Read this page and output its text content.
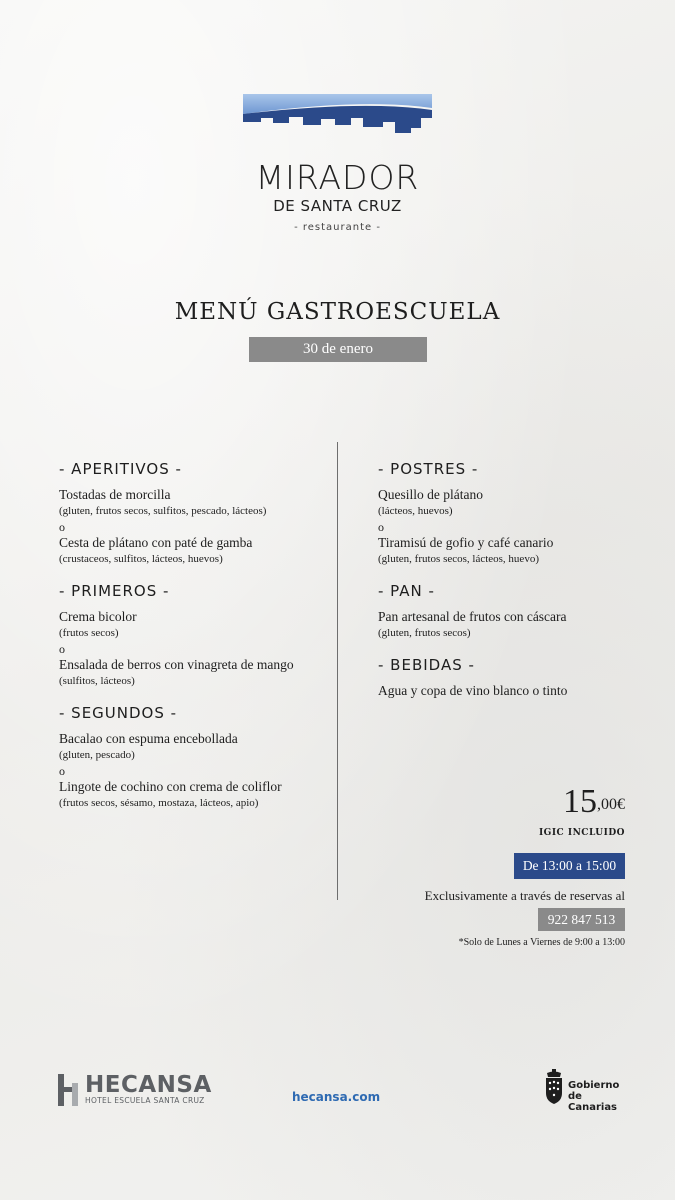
MIRADOR
DE SANTA CRUZ
- restaurante -
MENÚ GASTROESCUELA
30 de enero
- APERITIVOS -
Tostadas de morcilla
(gluten, frutos secos, sulfitos, pescado, lácteos)
o
Cesta de plátano con paté de gamba
(crustaceos, sulfitos, lácteos, huevos)
- PRIMEROS -
Crema bicolor
(frutos secos)
o
Ensalada de berros con vinagreta de mango
(sulfitos, lácteos)
- SEGUNDOS -
Bacalao con espuma encebollada
(gluten, pescado)
o
Lingote de cochino con crema de coliflor
(frutos secos, sésamo, mostaza, lácteos, apio)
- POSTRES -
Quesillo de plátano
(lácteos, huevos)
o
Tiramisú de gofio y café canario
(gluten, frutos secos, lácteos, huevo)
- PAN -
Pan artesanal de frutos con cáscara
(gluten, frutos secos)
- BEBIDAS -
Agua y copa de vino blanco o tinto
$15^{,00€}$
IGIC INCLUIDO
De 13:00 a 15:00
Exclusivamente a través de reservas al
922 847 513
*Solo de Lunes a Viernes de 9:00 a 13:00
HECANSA
HOTEL ESCUELA SANTA CRUZ	hecansa.com
Gobierno
de Canarias
